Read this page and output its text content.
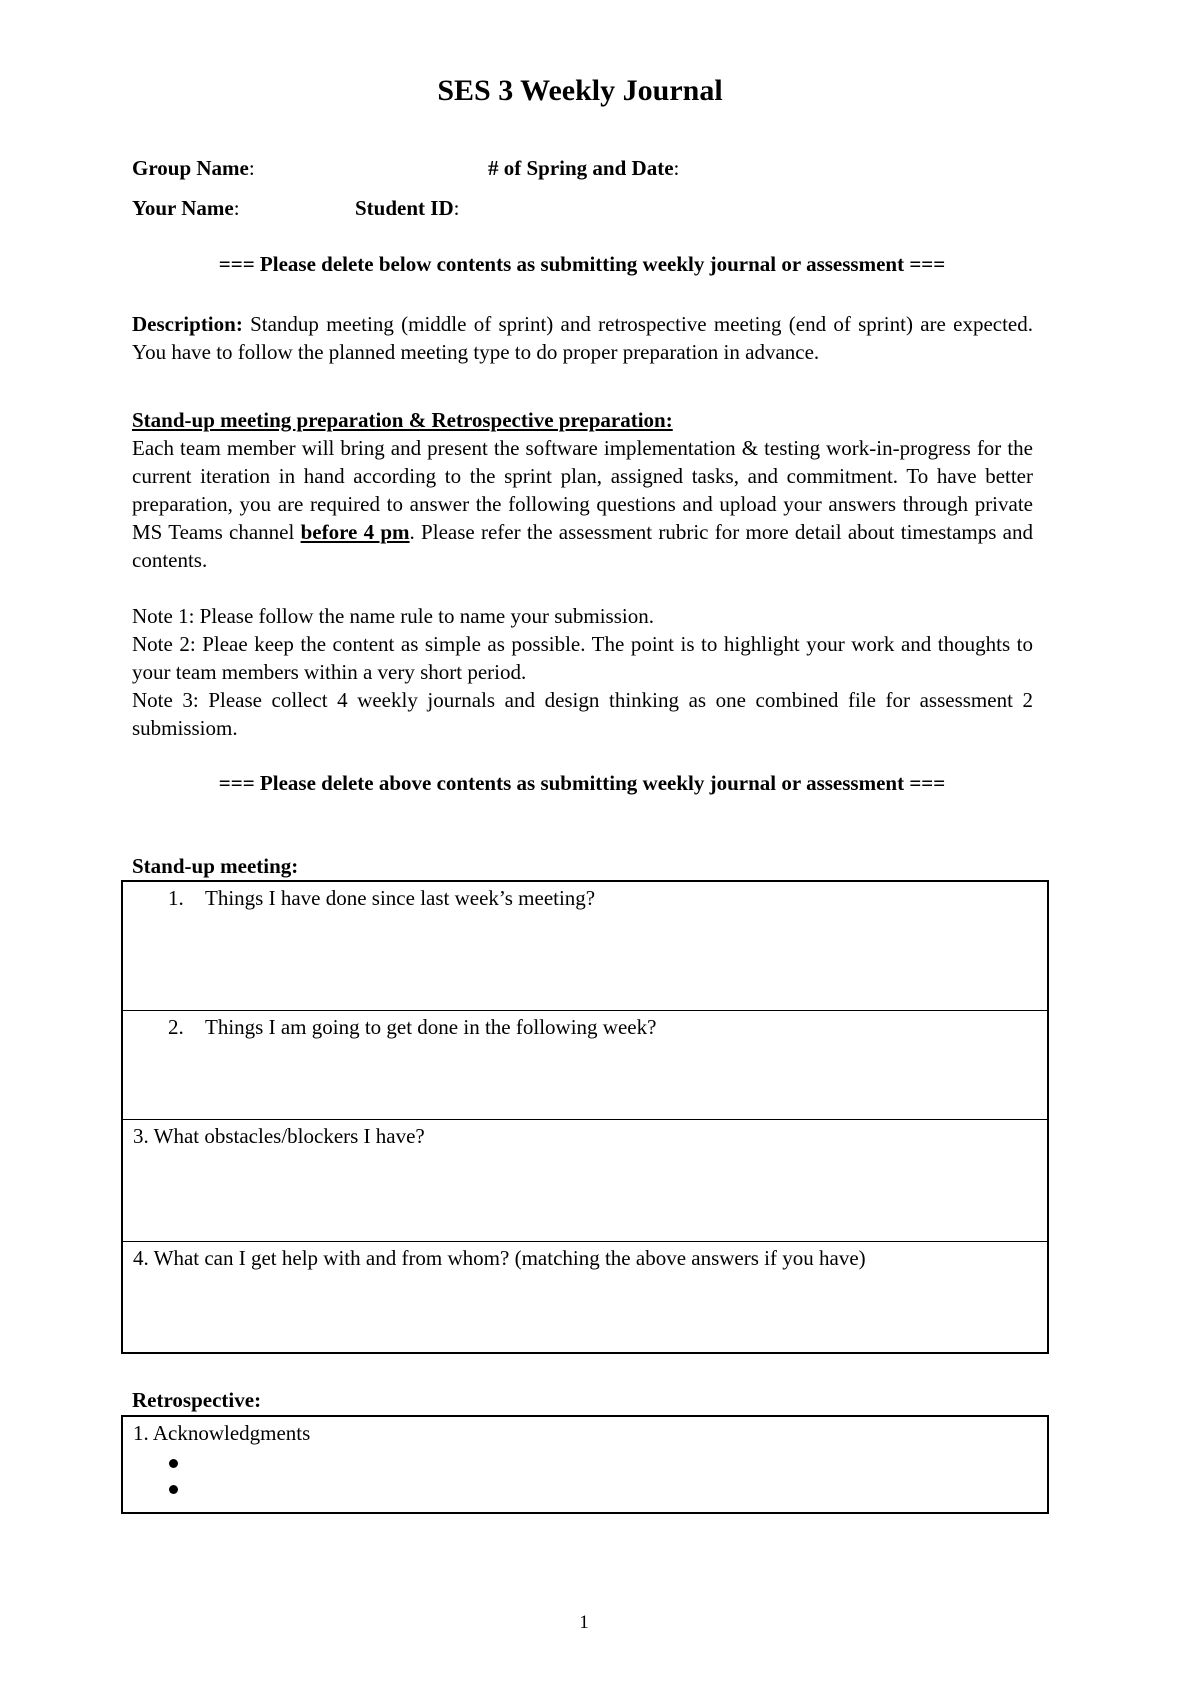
SES 3 Weekly Journal
Group Name:	# of Spring and Date:
Your Name:	Student ID:
=== Please delete below contents as submitting weekly journal or assessment ===
Description: Standup meeting (middle of sprint) and retrospective meeting (end of sprint) are expected. You have to follow the planned meeting type to do proper preparation in advance.
Stand-up meeting preparation & Retrospective preparation:
Each team member will bring and present the software implementation & testing work-in-progress for the current iteration in hand according to the sprint plan, assigned tasks, and commitment. To have better preparation, you are required to answer the following questions and upload your answers through private MS Teams channel before 4 pm. Please refer the assessment rubric for more detail about timestamps and contents.
Note 1: Please follow the name rule to name your submission.
Note 2: Pleae keep the content as simple as possible. The point is to highlight your work and thoughts to your team members within a very short period.
Note 3: Please collect 4 weekly journals and design thinking as one combined file for assessment 2 submissiom.
=== Please delete above contents as submitting weekly journal or assessment ===
Stand-up meeting:
1. Things I have done since last week’s meeting?
2. Things I am going to get done in the following week?
3. What obstacles/blockers I have?
4. What can I get help with and from whom? (matching the above answers if you have)
Retrospective:
1. Acknowledgments
1
